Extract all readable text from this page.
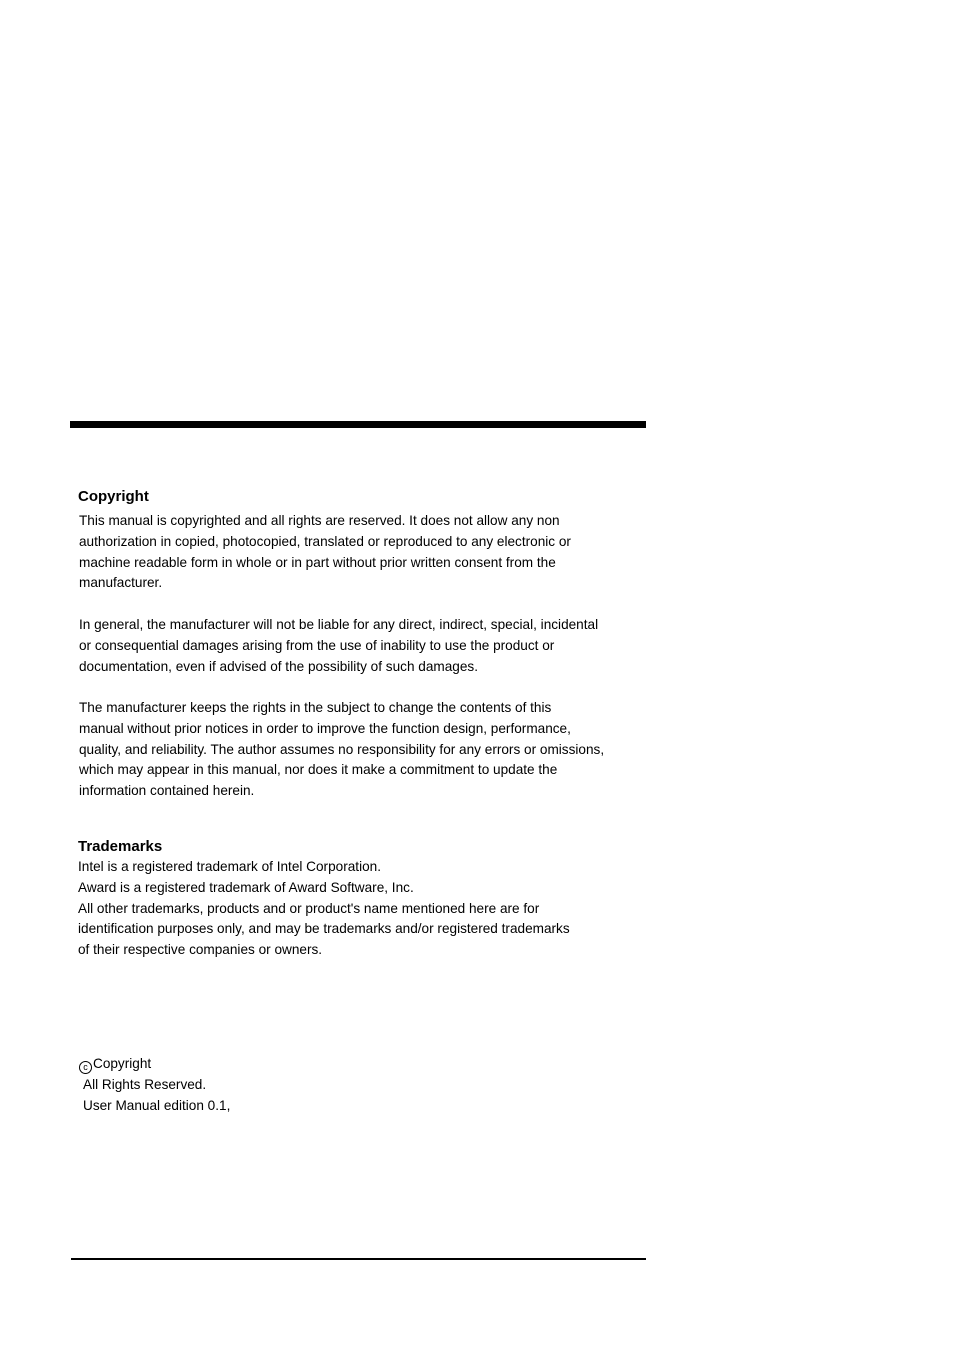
Copyright

This manual is copyrighted and all rights are reserved. It does not allow any non
authorization in copied, photocopied, translated or reproduced to any electronic or
machine readable form in whole or in part without prior written consent from the
manufacturer.

In general, the manufacturer will not be liable for any direct, indirect, special, incidental
or consequential damages arising from the use of inability to use the product or
documentation, even if advised of the possibility of such damages.

The manufacturer keeps the rights in the subject to change the contents of this
manual without prior notices in order to improve the function design, performance,
quality, and reliability. The author assumes no responsibility for any errors or omissions,
which may appear in this manual, nor does it make a commitment to update the
information contained herein.

Trademarks

Intel is a registered trademark of Intel Corporation.
Award is a registered trademark of Award Software, Inc.
All other trademarks, products and or product's name mentioned here are for
identification purposes only, and may be trademarks and/or registered trademarks
of their respective companies or owners.

c Copyright
All Rights Reserved.
User Manual edition 0.1,
